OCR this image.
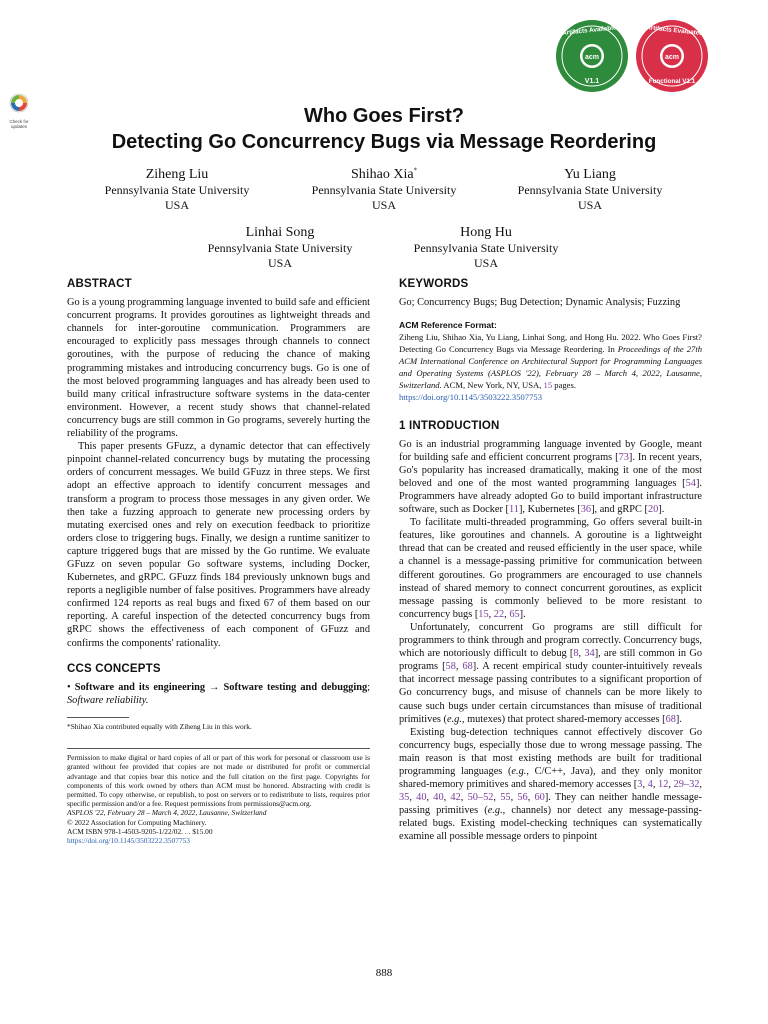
acm
Artifacts Available
V1.1
acm
Artifacts Evaluated
Functional V1.1
Check for updates	Who Goes First?
Detecting Go Concurrency Bugs via Message Reordering
Ziheng Liu
Pennsylvania State University
USA
Shihao Xia*
Pennsylvania State University
USA
Yu Liang
Pennsylvania State University
USA
Linhai Song
Pennsylvania State University
USA
Hong Hu
Pennsylvania State University
USA
ABSTRACT

Go is a young programming language invented to build safe and efficient concurrent programs. It provides goroutines as lightweight threads and channels for inter-goroutine communication. Programmers are encouraged to explicitly pass messages through channels to connect goroutines, with the purpose of reducing the chance of making programming mistakes and introducing concurrency bugs. Go is one of the most beloved programming languages and has already been used to build many critical infrastructure software systems in the data-center environment. However, a recent study shows that channel-related concurrency bugs are still common in Go programs, severely hurting the reliability of the programs.

This paper presents GFuzz, a dynamic detector that can effectively pinpoint channel-related concurrency bugs by mutating the processing orders of concurrent messages. We build GFuzz in three steps. We first adopt an effective approach to identify concurrent messages and transform a program to process those messages in any given order. We then take a fuzzing approach to generate new processing orders by mutating exercised ones and rely on execution feedback to prioritize orders close to triggering bugs. Finally, we design a runtime sanitizer to capture triggered bugs that are missed by the Go runtime. We evaluate GFuzz on seven popular Go software systems, including Docker, Kubernetes, and gRPC. GFuzz finds 184 previously unknown bugs and reports a negligible number of false positives. Programmers have already confirmed 124 reports as real bugs and fixed 67 of them based on our reporting. A careful inspection of the detected concurrency bugs from gRPC shows the effectiveness of each component of GFuzz and confirms the components' rationality.

CCS CONCEPTS

• Software and its engineering → Software testing and debugging; Software reliability.

*Shihao Xia contributed equally with Ziheng Liu in this work.

Permission to make digital or hard copies of all or part of this work for personal or classroom use is granted without fee provided that copies are not made or distributed for profit or commercial advantage and that copies bear this notice and the full citation on the first page. Copyrights for components of this work owned by others than ACM must be honored. Abstracting with credit is permitted. To copy otherwise, or republish, to post on servers or to redistribute to lists, requires prior specific permission and/or a fee. Request permissions from permissions@acm.org.

ASPLOS '22, February 28 – March 4, 2022, Lausanne, Switzerland

© 2022 Association for Computing Machinery.

ACM ISBN 978-1-4503-9205-1/22/02. . . $15.00

https://doi.org/10.1145/3503222.3507753

KEYWORDS

Go; Concurrency Bugs; Bug Detection; Dynamic Analysis; Fuzzing

ACM Reference Format:

Ziheng Liu, Shihao Xia, Yu Liang, Linhai Song, and Hong Hu. 2022. Who Goes First? Detecting Go Concurrency Bugs via Message Reordering. In Proceedings of the 27th ACM International Conference on Architectural Support for Programming Languages and Operating Systems (ASPLOS '22), February 28 – March 4, 2022, Lausanne, Switzerland. ACM, New York, NY, USA, 15 pages.
https://doi.org/10.1145/3503222.3507753

1 INTRODUCTION

Go is an industrial programming language invented by Google, meant for building safe and efficient concurrent programs [73]. In recent years, Go's popularity has increased dramatically, making it one of the most beloved and one of the most wanted programming languages [54]. Programmers have already adopted Go to build important infrastructure software, such as Docker [11], Kubernetes [36], and gRPC [20].

To facilitate multi-threaded programming, Go offers several built-in features, like goroutines and channels. A goroutine is a lightweight thread that can be created and reused efficiently in the user space, while a channel is a message-passing primitive for communication between different goroutines. Go programmers are encouraged to use channels instead of shared memory to connect concurrent goroutines, as explicit message passing is commonly believed to be more resistant to concurrency bugs [15, 22, 65].

Unfortunately, concurrent Go programs are still difficult for programmers to think through and program correctly. Concurrency bugs, which are notoriously difficult to debug [8, 34], are still common in Go programs [58, 68]. A recent empirical study counter-intuitively reveals that incorrect message passing contributes to a significant proportion of Go concurrency bugs, and misuse of channels can be more likely to cause such bugs under certain circumstances than misuse of traditional primitives (e.g., mutexes) that protect shared-memory accesses [68].

Existing bug-detection techniques cannot effectively discover Go concurrency bugs, especially those due to wrong message passing. The main reason is that most existing methods are built for traditional programming languages (e.g., C/C++, Java), and they only monitor shared-memory primitives and shared-memory accesses [3, 4, 12, 29–32, 35, 40, 40, 42, 50–52, 55, 56, 60]. They can neither handle message-passing primitives (e.g., channels) nor detect any message-passing-related bugs. Existing model-checking techniques can systematically examine all possible message orders to pinpoint

888
